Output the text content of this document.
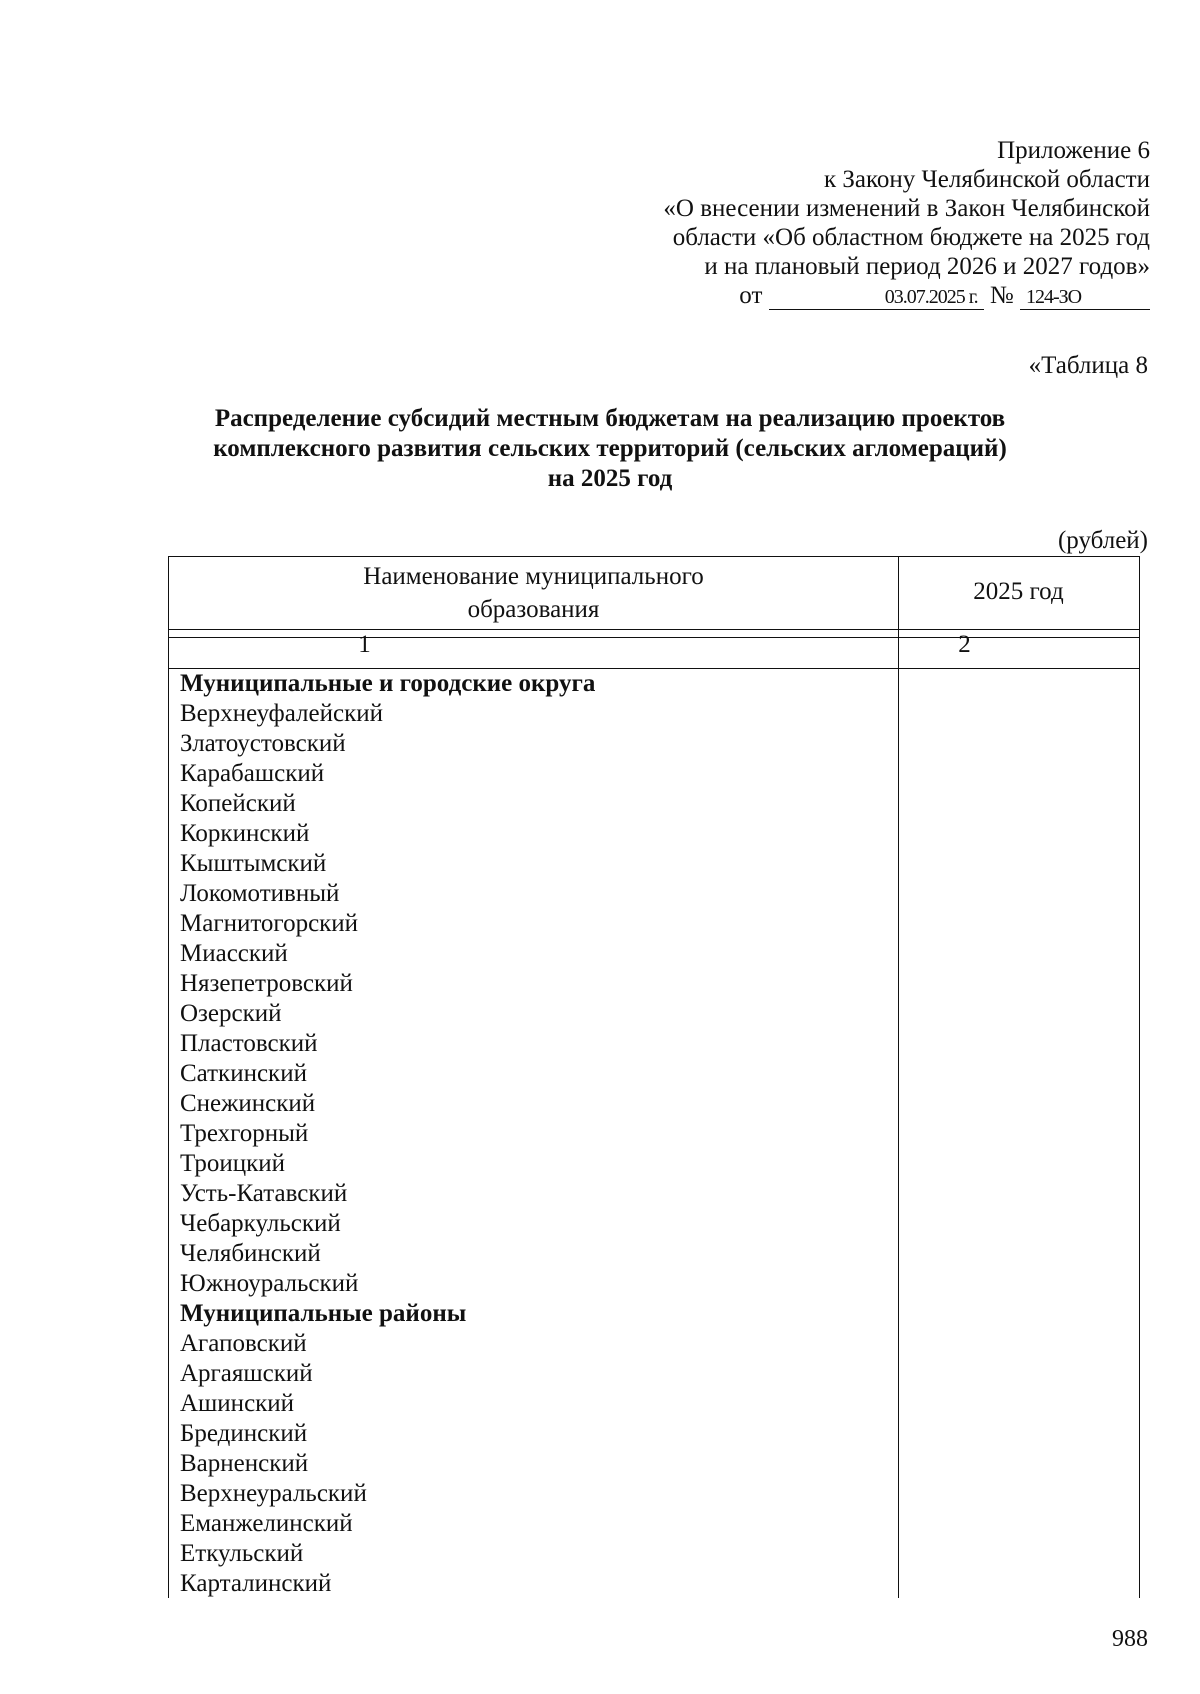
Приложение 6
к Закону Челябинской области
«О внесении изменений в Закон Челябинской
области «Об областном бюджете на 2025 год
и на плановый период 2026 и 2027 годов»
от	03.07.2025 г. № 124-ЗО
«Таблица 8
Распределение субсидий местным бюджетам на реализацию проектов
комплексного развития сельских территорий (сельских агломераций)
на 2025 год
(рублей)
Наименование муниципального
образования
2025 год
1	2
Муниципальные и городские округа
Верхнеуфалейский
Златоустовский
Карабашский
Копейский
Коркинский
Кыштымский
Локомотивный
Магнитогорский
Миасский
Нязепетровский
Озерский
Пластовский
Саткинский
Снежинский
Трехгорный
Троицкий
Усть-Катавский
Чебаркульский
Челябинский
Южноуральский
Муниципальные районы
Агаповский
Аргаяшский
Ашинский
Брединский
Варненский
Верхнеуральский
Еманжелинский
Еткульский
Карталинский
988
